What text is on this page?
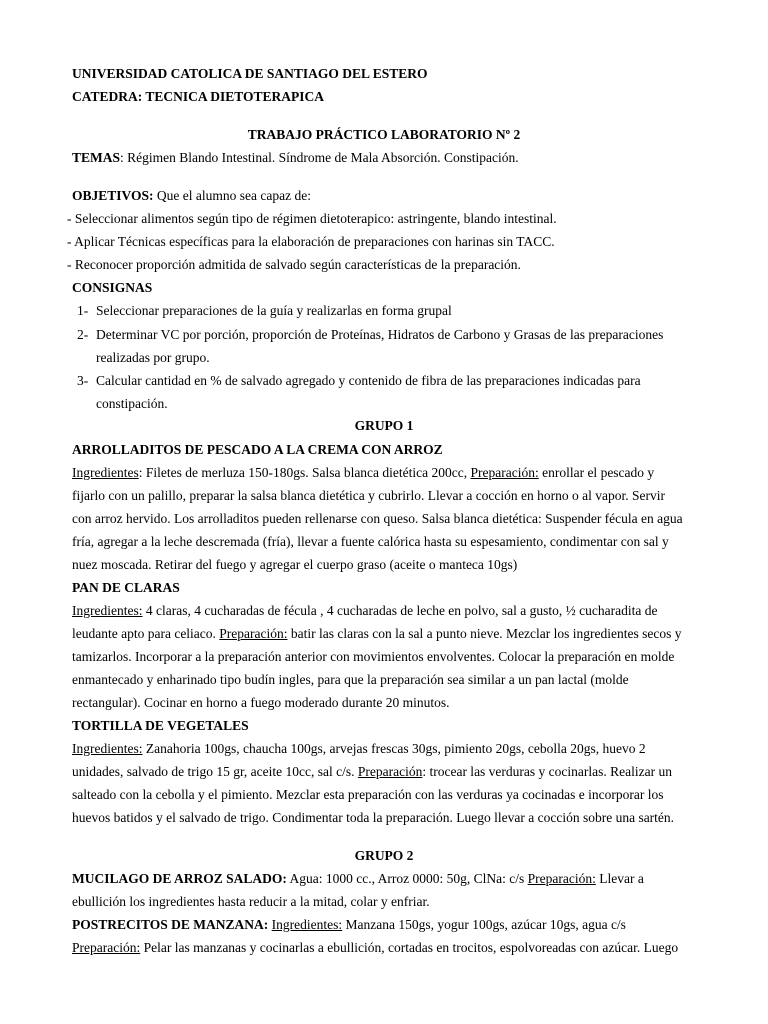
UNIVERSIDAD CATOLICA DE SANTIAGO DEL ESTERO
CATEDRA: TECNICA DIETOTERAPICA
TRABAJO PRÁCTICO LABORATORIO Nº 2
TEMAS: Régimen Blando Intestinal. Síndrome de Mala Absorción. Constipación.
OBJETIVOS: Que el alumno sea capaz de:
- Seleccionar alimentos según tipo de régimen dietoterapico: astringente, blando intestinal.
- Aplicar Técnicas específicas para la elaboración de preparaciones con harinas sin TACC.
- Reconocer proporción admitida de salvado según características de la preparación.
CONSIGNAS
1- Seleccionar preparaciones de la guía y realizarlas en forma grupal
2- Determinar VC por porción, proporción de Proteínas, Hidratos de Carbono y Grasas de las preparaciones
realizadas por grupo.
3- Calcular cantidad en % de salvado agregado y contenido de fibra de las preparaciones indicadas para
constipación.
GRUPO 1
ARROLLADITOS DE PESCADO A LA CREMA CON ARROZ
Ingredientes: Filetes de merluza 150-180gs. Salsa blanca dietética 200cc, Preparación: enrollar el pescado y
fijarlo con un palillo, preparar la salsa blanca dietética y cubrirlo. Llevar a cocción en horno o al vapor. Servir
con arroz hervido. Los arrolladitos pueden rellenarse con queso. Salsa blanca dietética: Suspender fécula en agua
fría, agregar a la leche descremada (fría), llevar a fuente calórica hasta su espesamiento, condimentar con sal y
nuez moscada. Retirar del fuego y agregar el cuerpo graso (aceite o manteca 10gs)
PAN DE CLARAS
Ingredientes: 4 claras, 4 cucharadas de fécula , 4 cucharadas de leche en polvo, sal a gusto, ½ cucharadita de
leudante apto para celiaco. Preparación: batir las claras con la sal a punto nieve. Mezclar los ingredientes secos y
tamizarlos. Incorporar a la preparación anterior con movimientos envolventes. Colocar la preparación en molde
enmantecado y enharinado tipo budín ingles, para que la preparación sea similar a un pan lactal (molde
rectangular). Cocinar en horno a fuego moderado durante 20 minutos.
TORTILLA DE VEGETALES
Ingredientes: Zanahoria 100gs, chaucha 100gs, arvejas frescas 30gs, pimiento 20gs, cebolla 20gs, huevo 2
unidades, salvado de trigo 15 gr, aceite 10cc, sal c/s. Preparación: trocear las verduras y cocinarlas. Realizar un
salteado con la cebolla y el pimiento. Mezclar esta preparación con las verduras ya cocinadas e incorporar los
huevos batidos y el salvado de trigo. Condimentar toda la preparación. Luego llevar a cocción sobre una sartén.
GRUPO 2
MUCILAGO DE ARROZ SALADO: Agua: 1000 cc., Arroz 0000: 50g, ClNa: c/s Preparación: Llevar a
ebullición los ingredientes hasta reducir a la mitad, colar y enfriar.
POSTRECITOS DE MANZANA: Ingredientes: Manzana 150gs, yogur 100gs, azúcar 10gs, agua c/s
Preparación: Pelar las manzanas y cocinarlas a ebullición, cortadas en trocitos, espolvoreadas con azúcar. Luego
